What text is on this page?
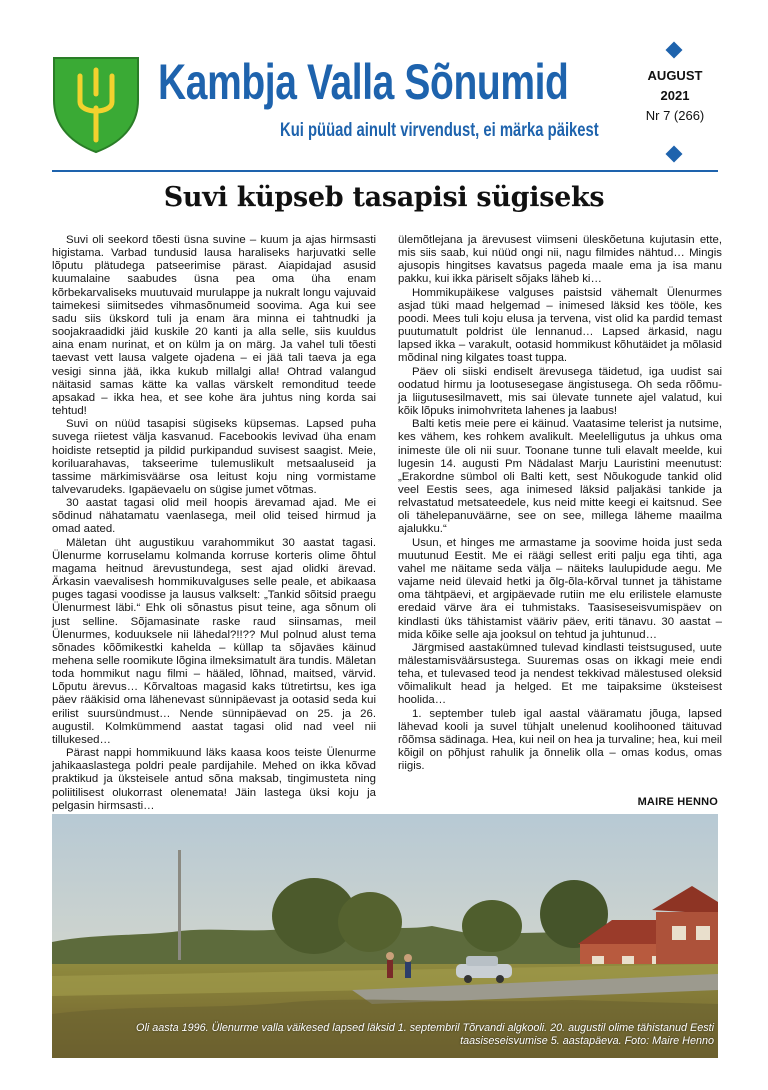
Kambja Valla Sõnumid
Kui püüad ainult virvendust, ei märka päikest
AUGUST
2021
Nr 7 (266)
Suvi küpseb tasapisi sügiseks

Suvi oli seekord tõesti üsna suvine – kuum ja ajas hirmsasti higistama. Varbad tundusid lausa haraliseks harjuvatki selle lõputu plätudega patseerimise pärast. Aiapidajad asusid kuumalaine saabudes üsna pea oma üha enam kõrbekarvaliseks muutuvaid murulappe ja nukralt longu vajuvaid taimekesi siimitsedes vihmasõnumeid soovima. Aga kui see sadu siis ükskord tuli ja enam ära minna ei tahtnudki ja soojakraadidki jäid kuskile 20 kanti ja alla selle, siis kuuldus aina enam nurinat, et on külm ja on märg. Ja vahel tuli tõesti taevast vett lausa valgete ojadena – ei jää tali taeva ja ega vesigi sinna jää, ikka kukub millalgi alla! Ohtrad valangud näitasid samas kätte ka vallas värskelt remonditud teede apsakad – ikka hea, et see kohe ära juhtus ning korda sai tehtud!

Suvi on nüüd tasapisi sügiseks küpsemas. Lapsed puha suvega riietest välja kasvanud. Facebookis levivad üha enam hoidiste retseptid ja pildid purkipandud suvisest saagist. Meie, koriluarahavas, takseerime tulemuslikult metsaaluseid ja tassime märkimisväärse osa leitust koju ning vormistame talvevarudeks. Igapäevaelu on sügise jumet võtmas.

30 aastat tagasi olid meil hoopis ärevamad ajad. Me ei sõdinud nähatamatu vaenlasega, meil olid teised hirmud ja omad aated.

Mäletan üht augustikuu varahommikut 30 aastat tagasi. Ülenurme korruselamu kolmanda korruse korteris olime õhtul magama heitnud ärevustundega, sest ajad olidki ärevad. Ärkasin vaevalisesh hommikuvalguses selle peale, et abikaasa puges tagasi voodisse ja lausus valkselt: „Tankid sõitsid praegu Ülenurmest läbi.“ Ehk oli sõnastus pisut teine, aga sõnum oli just selline. Sõjamasinate raske raud siinsamas, meil Ülenurmes, koduuksele nii lähedal?!!?? Mul polnud alust tema sõnades kõõmikestki kahelda – küllap ta sõjaväes käinud mehena selle roomikute lõgina ilmeksimatult ära tundis. Mäletan toda hommikut nagu filmi – hääled, lõhnad, maitsed, värvid. Lõputu ärevus… Kõrvaltoas magasid kaks tütretirtsu, kes iga päev rääkisid oma lähenevast sünnipäevast ja ootasid seda kui erilist suursündmust… Nende sünnipäevad on 25. ja 26. augustil. Kolmkümmend aastat tagasi olid nad veel nii tillukesed…

Pärast nappi hommikuund läks kaasa koos teiste Ülenurme jahikaaslastega poldri peale pardijahile. Mehed on ikka kõvad praktikud ja üksteisele antud sõna maksab, tingimusteta ning poliitilisest olukorrast olenemata! Jäin lastega üksi koju ja pelgasin hirmsasti…

ülemõtlejana ja ärevusest viimseni üleskõetuna kujutasin ette, mis siis saab, kui nüüd ongi nii, nagu filmides nähtud… Mingis ajusopis hingitses kavatsus pageda maale ema ja isa manu pakku, kui ikka päriselt sõjaks läheb ki…

Hommikupäikese valguses paistsid vähemalt Ülenurmes asjad tüki maad helgemad – inimesed läksid kes tööle, kes poodi. Mees tuli koju elusa ja tervena, vist olid ka pardid temast puutumatult poldrist üle lennanud… Lapsed ärkasid, nagu lapsed ikka – varakult, ootasid hommikust kõhutäidet ja mõlasid mõdinal ning kilgates toast tuppa.

Päev oli siiski endiselt ärevusega täidetud, iga uudist sai oodatud hirmu ja lootusesegase ängistusega. Oh seda rõõmu- ja liigutusesilmavett, mis sai ülevate tunnete ajel valatud, kui kõik lõpuks inimohvriteta lahenes ja laabus!

Balti ketis meie pere ei käinud. Vaatasime telerist ja nutsime, kes vähem, kes rohkem avalikult. Meelelligutus ja uhkus oma inimeste üle oli nii suur. Toonane tunne tuli elavalt meelde, kui lugesin 14. augusti Pm Nädalast Marju Lauristini meenutust: „Erakordne sümbol oli Balti kett, sest Nõukogude tankid olid veel Eestis sees, aga inimesed läksid paljakäsi tankide ja relvastatud metsateedele, kus neid mitte keegi ei kaitsnud. See oli tähelepanuväärne, see on see, millega läheme maailma ajalukku.“

Usun, et hinges me armastame ja soovime hoida just seda muutunud Eestit. Me ei räägi sellest eriti palju ega tihti, aga vahel me näitame seda välja – näiteks laulupidude aegu. Me vajame neid ülevaid hetki ja õlg-õla-kõrval tunnet ja tähistame oma tähtpäevi, et argipäevade rutiin me elu erilistele elamuste eredaid värve ära ei tuhmistaks. Taasiseseisvumispäev on kindlasti üks tähistamist vääriv päev, eriti tänavu. 30 aastat – mida kõike selle aja jooksul on tehtud ja juhtunud…

Järgmised aastakümned tulevad kindlasti teistsugused, uute mälestamisväärsustega. Suuremas osas on ikkagi meie endi teha, et tulevased teod ja nendest tekkivad mälestused oleksid võimalikult head ja helged. Et me taipaksime üksteisest hoolida…

1. september tuleb igal aastal vääramatu jõuga, lapsed lähevad kooli ja suvel tühjalt unelenud koolihooned täituvad rõõmsa sädinaga. Hea, kui neil on hea ja turvaline; hea, kui meil kõigil on põhjust rahulik ja õnnelik olla – omas kodus, omas riigis.

MAIRE HENNO
Oli aasta 1996. Ülenurme valla väikesed lapsed läksid 1. septembril Tõrvandi algkooli. 20. augustil olime tähistanud Eesti taasiseseisvumise 5. aastapäeva. Foto: Maire Henno
